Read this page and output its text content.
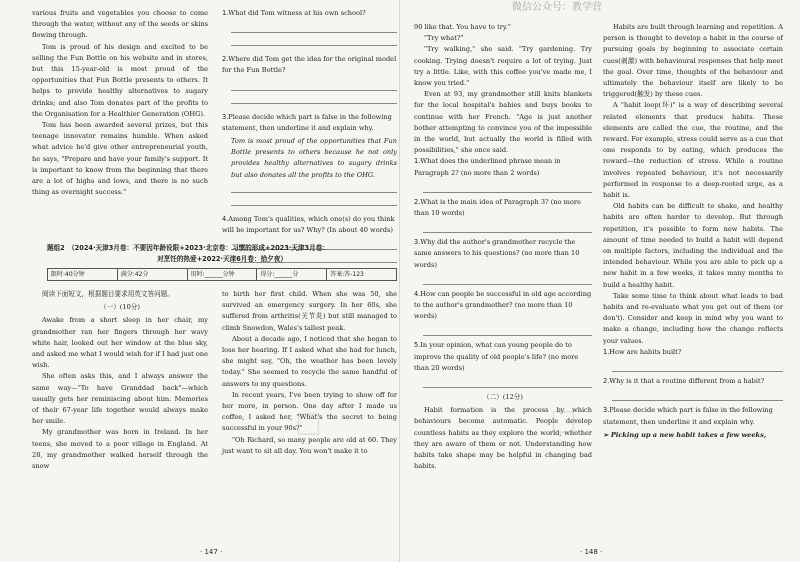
微信公众号：教学营

various fruits and vegetables you choose to come through the water, without any of the seeds or skins flowing through.

Tom is proud of his design and excited to be selling the Fun Bottle on his website and in stores, but this 15-year-old is most proud of the opportunities that Fun Bottle presents to others. It helps to provide healthy alternatives to sugary drinks; and also Tom donates part of the profits to the Organisation for a Healthier Generation (OHG).

Tom has been awarded several prizes, but this teenage innovator remains humble. When asked what advice he'd give other entrepreneurial youth, he says, "Prepare and have your family's support. It is important to know from the beginning that there are a lot of highs and lows, and there is no such thing as overnight success."

1.What did Tom witness at his own school?
2.Where did Tom get the idea for the original model for the Fun Bottle?
3.Please decide which part is false in the following statement, then underline it and explain why.

Tom is most proud of the opportunities that Fun Bottle presents to others because he not only provides healthy alternatives to sugary drinks but also donates all the profits to the OHG.

4.Among Tom's qualities, which one(s) do you think will be important for us? Why? (In about 40 words)
题组2　（2024·天津3月卷：不要因年龄设限+2023·北京卷：习惯的形成+2023·天津3月卷：
对烹饪的热爱+2022·天津6月卷：拾夕夜）
限时:40分钟	满分:42分	用时:______分钟	得分:______分	答案:答-123

阅读下面短文，根据题目要求用英文答问题。

（一）(10分)

Awake from a short sleep in her chair, my grandmother ran her fingers through her wavy white hair, looked out her window at the blue sky, and asked me what I would wish for if I had just one wish.

She often asks this, and I always answer the same way—"To have Granddad back"—which usually gets her reminiscing about him. Memories of their 67-year life together would always make her smile.

My grandmother was born in Ireland. In her teens, she moved to a poor village in England. At 28, my grandmother walked herself through the snow

to birth her first child. When she was 50, she survived an emergency surgery. In her 60s, she suffered from arthritis(关节炎) but still managed to climb Snowdon, Wales's tallest peak.

About a decade ago, I noticed that she began to lose her hearing. If I asked what she had for lunch, she might say, "Oh, the weather has been lovely today." She seemed to recycle the same handful of answers to my questions.

In recent years, I've been trying to show off for her more, in person. One day after I made us coffee, I asked her, "What's the secret to being successful in your 90s?"

"Oh Richard, so many people are old at 60. They just want to sit all day. You won't make it to

· 147 ·

90 like that. You have to try."

"Try what?"

"Try walking," she said. "Try gardening. Try cooking. Trying doesn't require a lot of trying. Just try a little. Like, with this coffee you've made me, I know you tried."

Even at 93, my grandmother still knits blankets for the local hospital's babies and buys books to continue with her French. "Age is just another bother attempting to convince you of the impossible in the world, but actually the world is filled with possibilities," she once said.

1.What does the underlined phrase mean in Paragraph 2? (no more than 2 words)
2.What is the main idea of Paragraph 3? (no more than 10 words)
3.Why did the author's grandmother recycle the same answers to his questions? (no more than 10 words)
4.How can people be successful in old age according to the author's grandmother? (no more than 10 words)
5.In your opinion, what can young people do to improve the quality of old people's life? (no more than 20 words)
（二）(12分)

Habit formation is the process by which behaviours become automatic. People develop countless habits as they explore the world, whether they are aware of them or not. Understanding how habits take shape may be helpful in changing bad habits.

Habits are built through learning and repetition. A person is thought to develop a habit in the course of pursuing goals by beginning to associate certain cues(刺激) with behavioural responses that help meet the goal. Over time, thoughts of the behaviour and ultimately the behaviour itself are likely to be triggered(触发) by these cues.

A "habit loop(环)" is a way of describing several related elements that produce habits. These elements are called the cue, the routine, and the reward. For example, stress could serve as a cue that one responds to by eating, which produces the reward—the reduction of stress. While a routine involves repeated behaviour, it's not necessarily performed in response to a deep-rooted urge, as a habit is.

Old habits can be difficult to shake, and healthy habits are often harder to develop. But through repetition, it's possible to form new habits. The amount of time needed to build a habit will depend on multiple factors, including the individual and the intended behaviour. While you are able to pick up a new habit in a few weeks, it takes many months to build a healthy habit.

Take some time to think about what leads to bad habits and re-evaluate what you get out of them (or don't). Consider and keep in mind why you want to make a change, including how the change reflects your values.

1.How are habits built?
2.Why is it that a routine different from a habit?
3.Please decide which part is false in the following statement, then underline it and explain why.

➢ Picking up a new habit takes a few weeks,

☐	☐
· 148 ·
